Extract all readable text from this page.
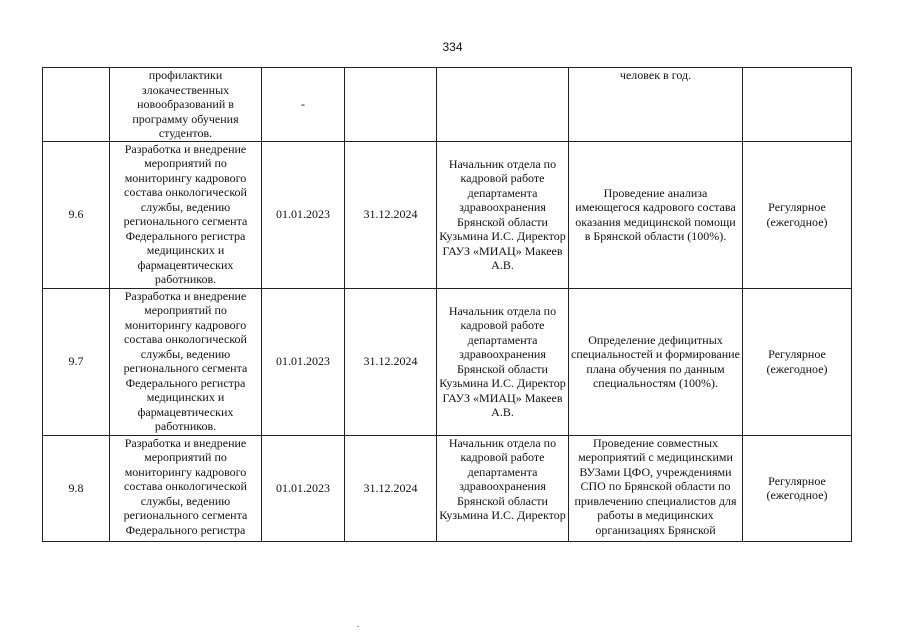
334
	профилактики злокачественных новообразований в программу обучения студентов.	-			человек в год.	
9.6	Разработка и внедрение мероприятий по мониторингу кадрового состава онкологической службы, ведению регионального сегмента Федерального регистра медицинских и фармацевтических работников.	01.01.2023	31.12.2024	Начальник отдела по кадровой работе департамента здравоохранения Брянской области Кузьмина И.С. Директор ГАУЗ «МИАЦ» Макеев А.В.	Проведение анализа имеющегося кадрового состава оказания медицинской помощи в Брянской области (100%).	Регулярное (ежегодное)
9.7	Разработка и внедрение мероприятий по мониторингу кадрового состава онкологической службы, ведению регионального сегмента Федерального регистра медицинских и фармацевтических работников.	01.01.2023	31.12.2024	Начальник отдела по кадровой работе департамента здравоохранения Брянской области Кузьмина И.С. Директор ГАУЗ «МИАЦ» Макеев А.В.	Определение дефицитных специальностей и формирование плана обучения по данным специальностям (100%).	Регулярное (ежегодное)
9.8	Разработка и внедрение мероприятий по мониторингу кадрового состава онкологической службы, ведению регионального сегмента Федерального регистра	01.01.2023	31.12.2024	Начальник отдела по кадровой работе департамента здравоохранения Брянской области Кузьмина И.С. Директор	Проведение совместных мероприятий с медицинскими ВУЗами ЦФО, учреждениями СПО по Брянской области по привлечению специалистов для работы в медицинских организациях Брянской	Регулярное (ежегодное)
